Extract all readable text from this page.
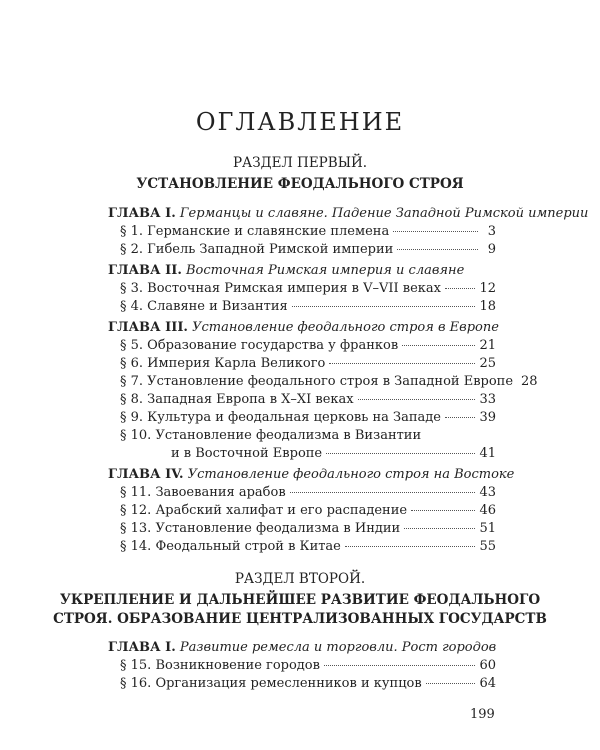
ОГЛАВЛЕНИЕ
РАЗДЕЛ ПЕРВЫЙ.
УСТАНОВЛЕНИЕ ФЕОДАЛЬНОГО СТРОЯ
ГЛАВА I. Германцы и славяне. Падение Западной Римской империи
§ 1. Германские и славянские племена	3
§ 2. Гибель Западной Римской империи	9
ГЛАВА II. Восточная Римская империя и славяне
§ 3. Восточная Римская империя в V–VII веках	12
§ 4. Славяне и Византия	18
ГЛАВА III. Установление феодального строя в Европе
§ 5. Образование государства у франков	21
§ 6. Империя Карла Великого	25
§ 7. Установление феодального строя в Западной Европе 28
§ 8. Западная Европа в X–XI веках	33
§ 9. Культура и феодальная церковь на Западе	39
§ 10. Установление феодализма в Византии
и в Восточной Европе	41
ГЛАВА IV. Установление феодального строя на Востоке
§ 11. Завоевания арабов	43
§ 12. Арабский халифат и его распадение	46
§ 13. Установление феодализма в Индии	51
§ 14. Феодальный строй в Китае	55
РАЗДЕЛ ВТОРОЙ.
УКРЕПЛЕНИЕ И ДАЛЬНЕЙШЕЕ РАЗВИТИЕ ФЕОДАЛЬНОГО
СТРОЯ. ОБРАЗОВАНИЕ ЦЕНТРАЛИЗОВАННЫХ ГОСУДАРСТВ
ГЛАВА I. Развитие ремесла и торговли. Рост городов
§ 15. Возникновение городов	60
§ 16. Организация ремесленников и купцов	64
199
